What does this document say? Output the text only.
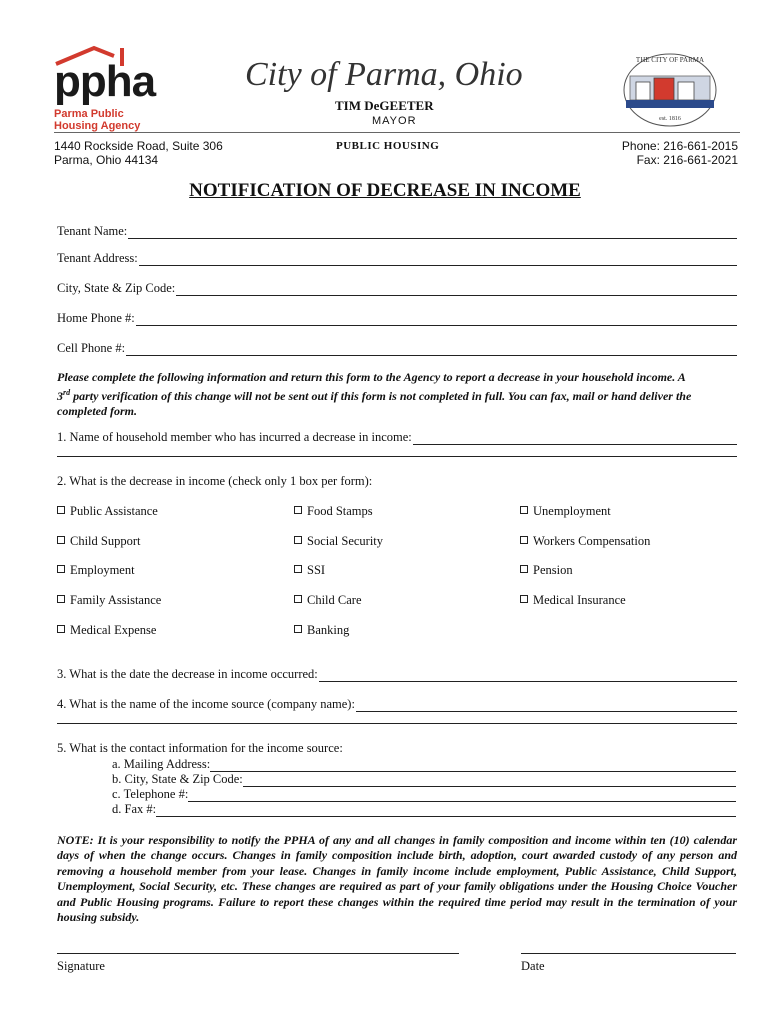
ppha
Parma Public
Housing Agency
City of Parma, Ohio
TIM DeGEETER
MAYOR
THE CITY OF PARMA
est. 1816
1440 Rockside Road, Suite 306
Parma, Ohio 44134
PUBLIC HOUSING	Phone: 216-661-2015
Fax: 216-661-2021
NOTIFICATION OF DECREASE IN INCOME
Tenant Name:
Tenant Address:
City, State & Zip Code:
Home Phone #:
Cell Phone #:
Please complete the following information and return this form to the Agency to report a decrease in your household income. A
3rd party verification of this change will not be sent out if this form is not completed in full. You can fax, mail or hand deliver the
completed form.
1. Name of household member who has incurred a decrease in income:
2. What is the decrease in income (check only 1 box per form):
Public Assistance	Food Stamps	Unemployment
Child Support	Social Security	Workers Compensation
Employment	SSI	Pension
Family Assistance	Child Care	Medical Insurance
Medical Expense	Banking
3. What is the date the decrease in income occurred:
4. What is the name of the income source (company name):
5. What is the contact information for the income source:
a. Mailing Address:
b. City, State & Zip Code:
c. Telephone #:
d. Fax #:
NOTE: It is your responsibility to notify the PPHA of any and all changes in family composition and income within ten (10) calendar days of when the change occurs. Changes in family composition include birth, adoption, court awarded custody of any person and removing a household member from your lease. Changes in family income include employment, Public Assistance, Child Support, Unemployment, Social Security, etc. These changes are required as part of your family obligations under the Housing Choice Voucher and Public Housing programs. Failure to report these changes within the required time period may result in the termination of your housing subsidy.
Signature	Date
